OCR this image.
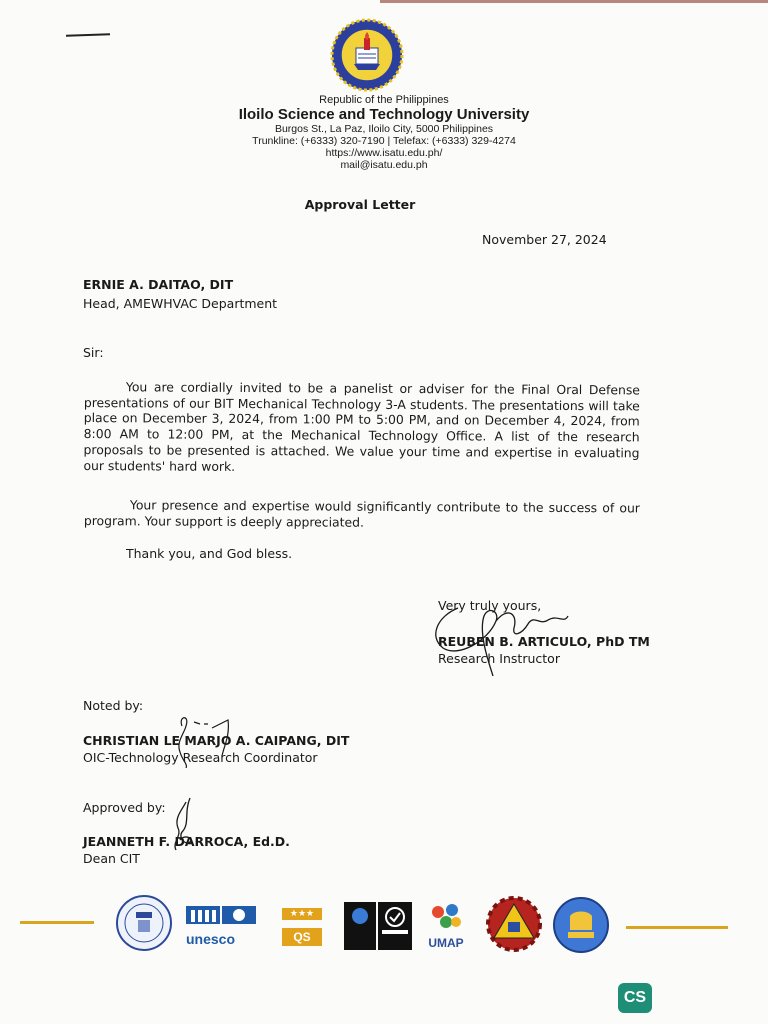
Republic of the Philippines
Iloilo Science and Technology University
Burgos St., La Paz, Iloilo City, 5000 Philippines
Trunkline: (+6333) 320-7190 | Telefax: (+6333) 329-4274
https://www.isatu.edu.ph/
mail@isatu.edu.ph
Approval Letter
November 27, 2024
ERNIE A. DAITAO, DIT
Head, AMEWHVAC Department
Sir:
You are cordially invited to be a panelist or adviser for the Final Oral Defense presentations of our BIT Mechanical Technology 3-A students. The presentations will take place on December 3, 2024, from 1:00 PM to 5:00 PM, and on December 4, 2024, from 8:00 AM to 12:00 PM, at the Mechanical Technology Office. A list of the research proposals to be presented is attached. We value your time and expertise in evaluating our students' hard work.
Your presence and expertise would significantly contribute to the success of our program. Your support is deeply appreciated.
Thank you, and God bless.
Very truly yours,
REUBEN B. ARTICULO, PhD TM
Research Instructor
Noted by:
CHRISTIAN LE MARJO A. CAIPANG, DIT
OIC-Technology Research Coordinator
Approved by:
JEANNETH F. DARROCA, Ed.D.
Dean CIT
unesco
★★★
QS	UMAP
CS
